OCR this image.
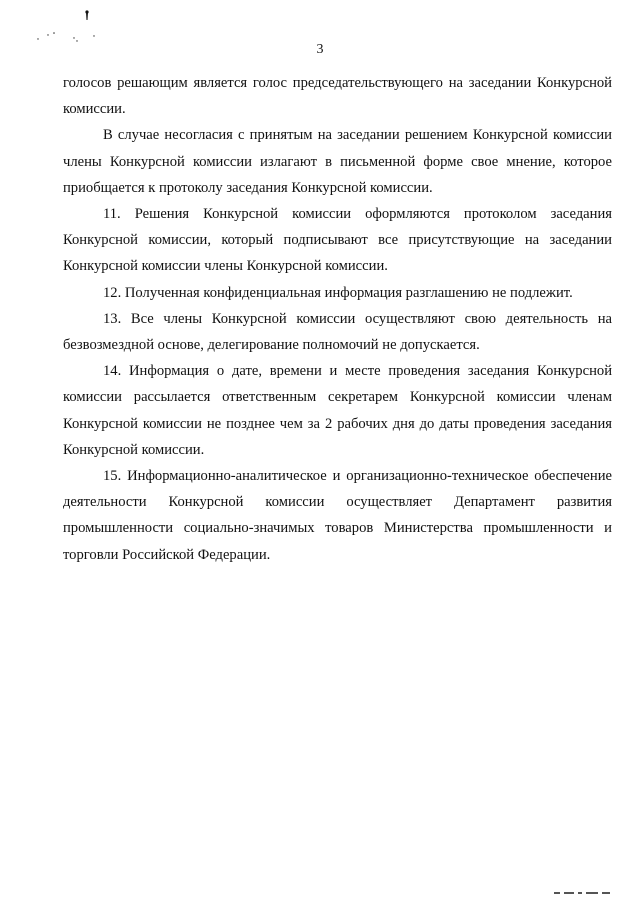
3

голосов решающим является голос председательствующего на заседании Конкурсной комиссии.

В случае несогласия с принятым на заседании решением Конкурсной комиссии члены Конкурсной комиссии излагают в письменной форме свое мнение, которое приобщается к протоколу заседания Конкурсной комиссии.

11. Решения Конкурсной комиссии оформляются протоколом заседания Конкурсной комиссии, который подписывают все присутствующие на заседании Конкурсной комиссии члены Конкурсной комиссии.

12. Полученная конфиденциальная информация разглашению не подлежит.

13. Все члены Конкурсной комиссии осуществляют свою деятельность на безвозмездной основе, делегирование полномочий не допускается.

14. Информация о дате, времени и месте проведения заседания Конкурсной комиссии рассылается ответственным секретарем Конкурсной комиссии членам Конкурсной комиссии не позднее чем за 2 рабочих дня до даты проведения заседания Конкурсной комиссии.

15. Информационно-аналитическое и организационно-техническое обеспечение деятельности Конкурсной комиссии осуществляет Департамент развития промышленности социально-значимых товаров Министерства промышленности и торговли Российской Федерации.
